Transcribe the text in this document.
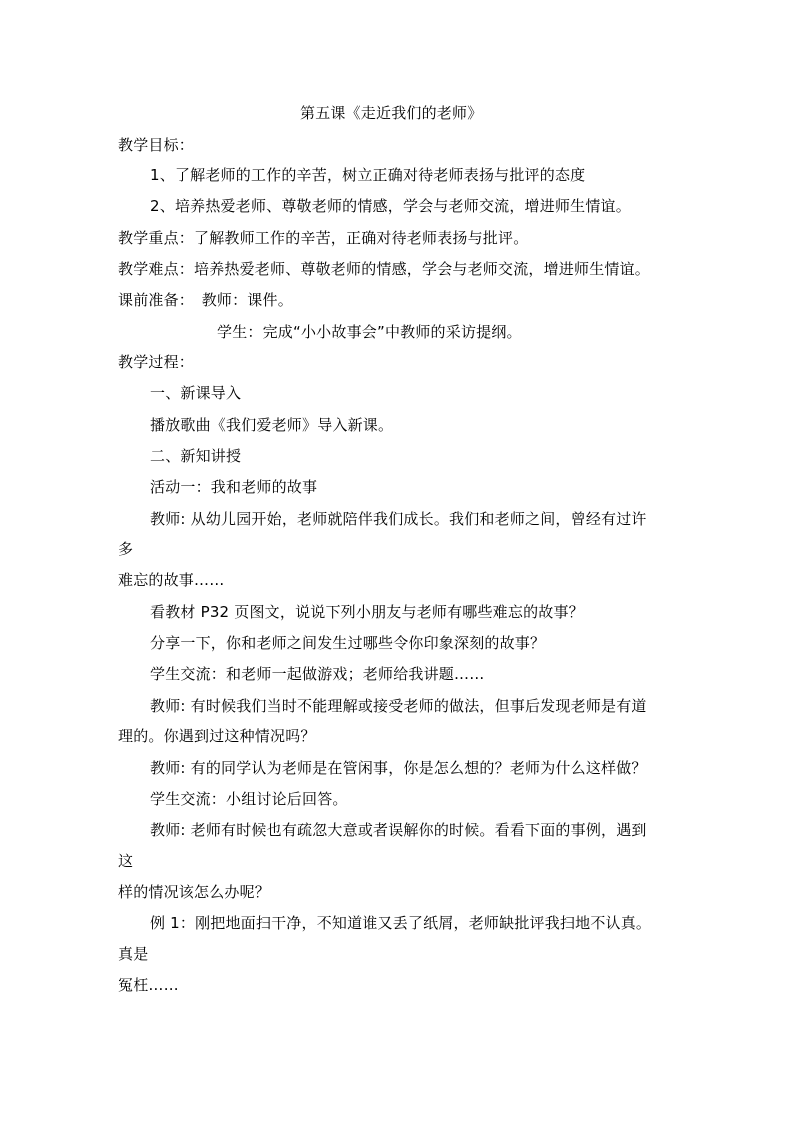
第五课《走近我们的老师》
教学目标：
1、了解老师的工作的辛苦，树立正确对待老师表扬与批评的态度
2、培养热爱老师、尊敬老师的情感，学会与老师交流，增进师生情谊。
教学重点：了解教师工作的辛苦，正确对待老师表扬与批评。
教学难点：培养热爱老师、尊敬老师的情感，学会与老师交流，增进师生情谊。
课前准备：　教师：课件。
学生：完成“小小故事会”中教师的采访提纲。
教学过程：
一、新课导入
播放歌曲《我们爱老师》导入新课。
二、新知讲授
活动一：我和老师的故事
教师: 从幼儿园开始，老师就陪伴我们成长。我们和老师之间，曾经有过许
多
难忘的故事……
看教材 P32 页图文，说说下列小朋友与老师有哪些难忘的故事？
分享一下，你和老师之间发生过哪些令你印象深刻的故事？
学生交流：和老师一起做游戏；老师给我讲题……
教师: 有时候我们当时不能理解或接受老师的做法，但事后发现老师是有道
理的。你遇到过这种情况吗？
教师: 有的同学认为老师是在管闲事，你是怎么想的？老师为什么这样做？
学生交流：小组讨论后回答。
教师: 老师有时候也有疏忽大意或者误解你的时候。看看下面的事例，遇到
这
样的情况该怎么办呢？
例 1：刚把地面扫干净，不知道谁又丢了纸屑，老师缺批评我扫地不认真。
真是
冤枉……
